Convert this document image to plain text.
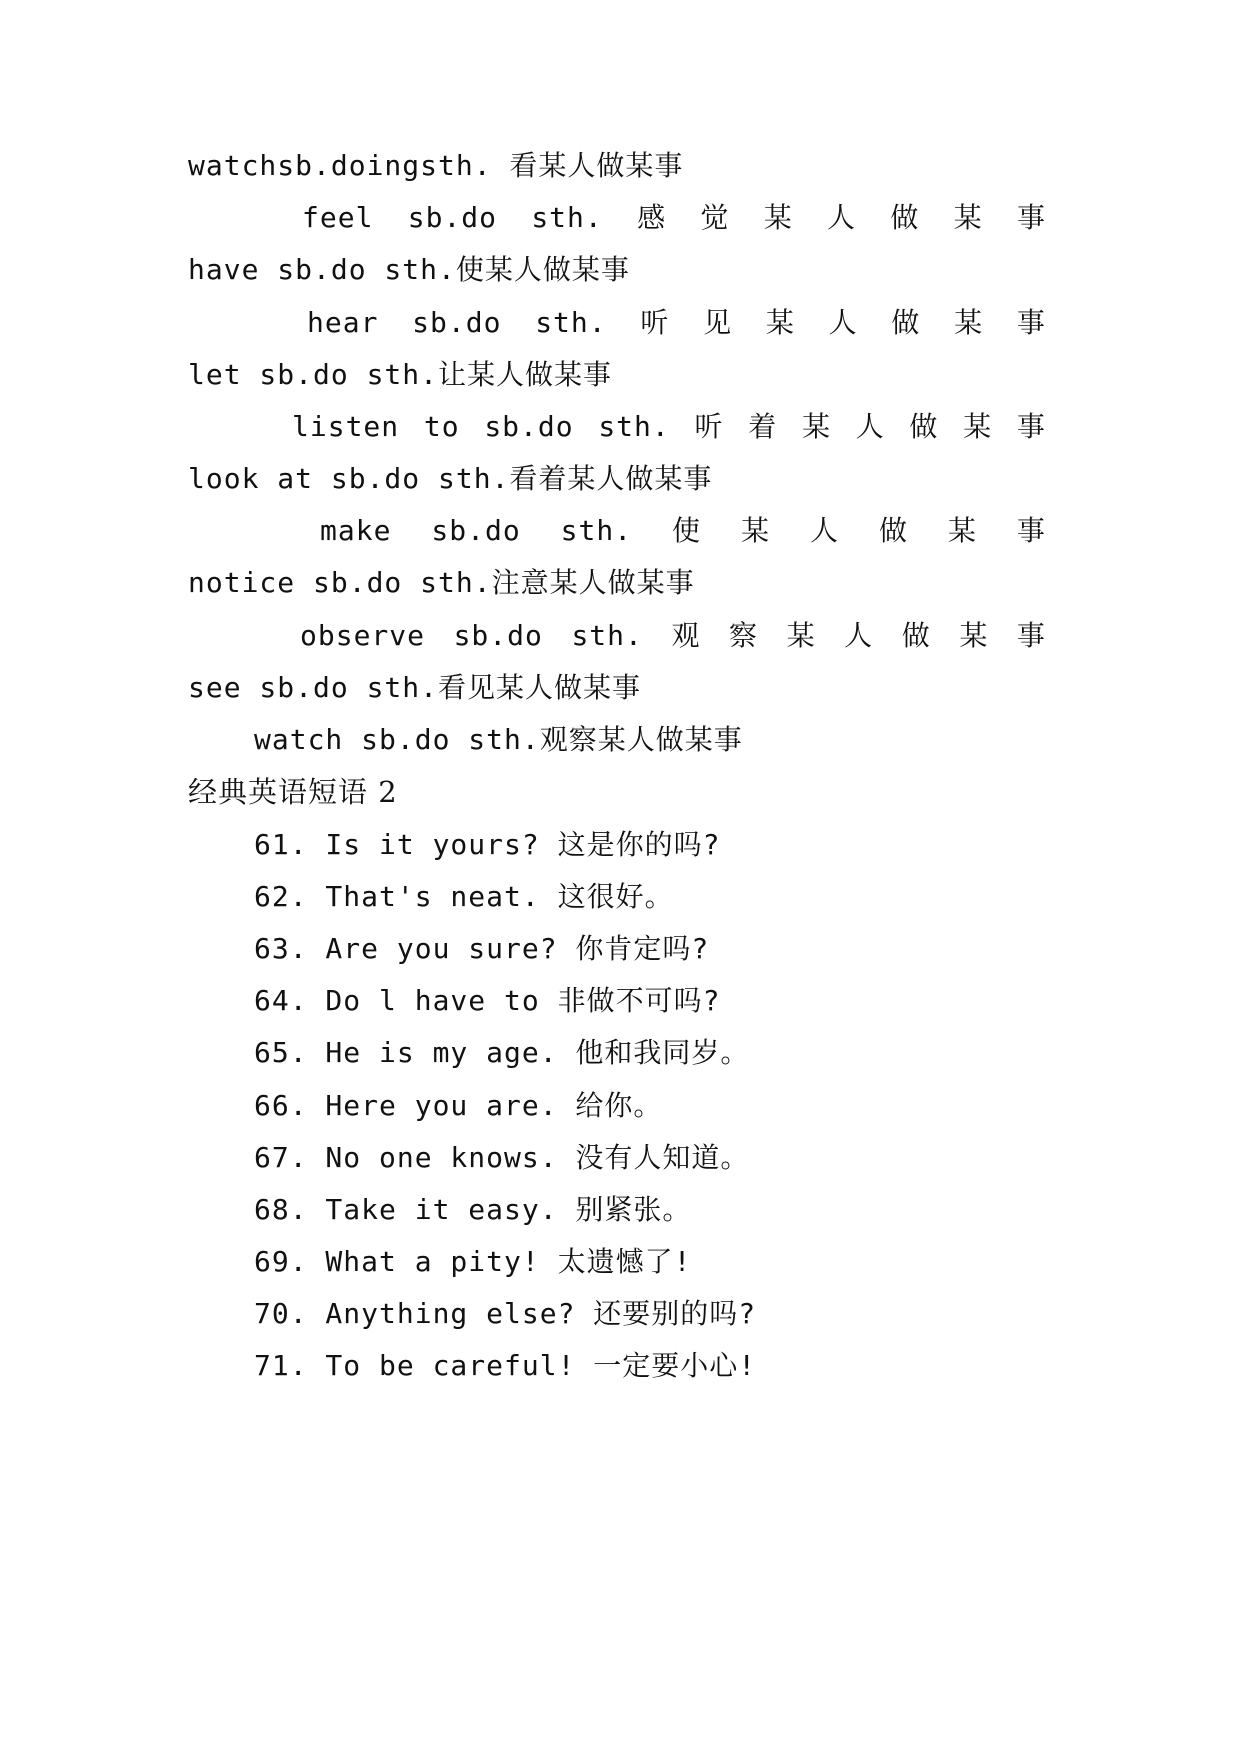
watchsb.doingsth. 看某人做某事
feel sb.do sth. 感 觉 某 人 做 某 事
have sb.do sth.使某人做某事
hear sb.do sth. 听 见 某 人 做 某 事
let sb.do sth.让某人做某事
listen to sb.do sth. 听 着 某 人 做 某 事
look at sb.do sth.看着某人做某事
make sb.do sth. 使 某 人 做 某 事
notice sb.do sth.注意某人做某事
observe sb.do sth. 观 察 某 人 做 某 事
see sb.do sth.看见某人做某事
watch sb.do sth.观察某人做某事
经典英语短语 2
61. Is it yours? 这是你的吗?
62. That's neat. 这很好。
63. Are you sure? 你肯定吗?
64. Do l have to 非做不可吗?
65. He is my age. 他和我同岁。
66. Here you are. 给你。
67. No one knows. 没有人知道。
68. Take it easy. 别紧张。
69. What a pity! 太遗憾了!
70. Anything else? 还要别的吗?
71. To be careful! 一定要小心!
